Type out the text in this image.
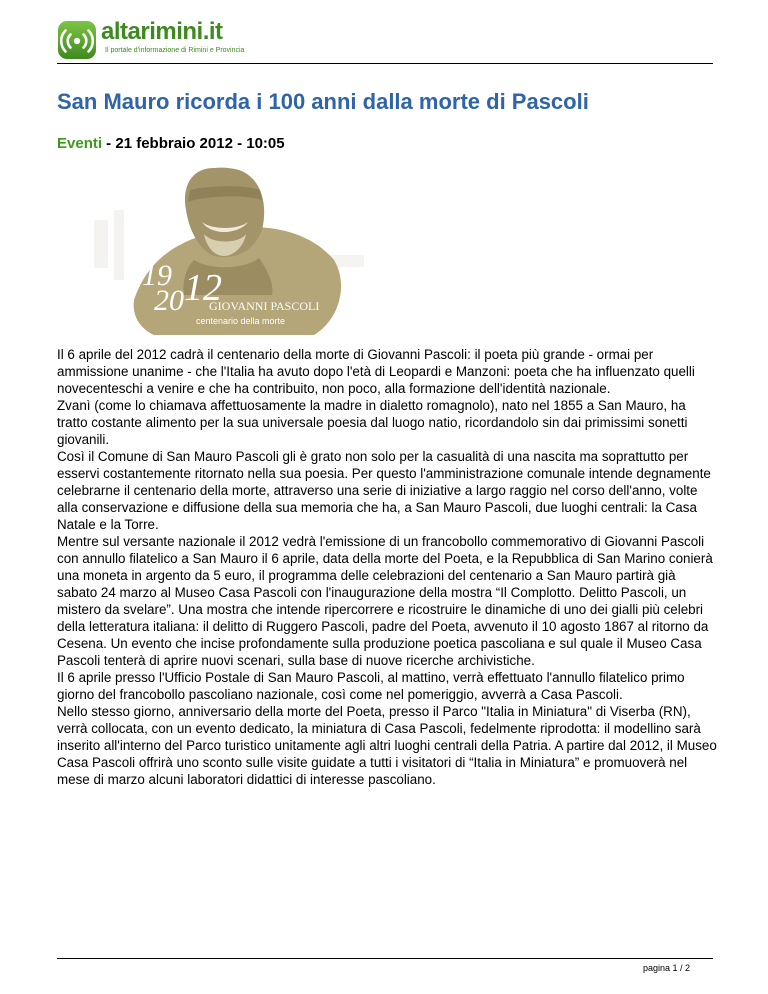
altarimini.it
Il portale d'informazione di Rimini e Provincia
San Mauro ricorda i 100 anni dalla morte di Pascoli
Eventi - 21 febbraio 2012 - 10:05
19
20 12
GIOVANNI PASCOLI
centenario della morte

Il 6 aprile del 2012 cadrà il centenario della morte di Giovanni Pascoli: il poeta più grande - ormai per ammissione unanime - che l'Italia ha avuto dopo l'età di Leopardi e Manzoni: poeta che ha influenzato quelli novecenteschi a venire e che ha contribuito, non poco, alla formazione dell'identità nazionale.

Zvanì (come lo chiamava affettuosamente la madre in dialetto romagnolo), nato nel 1855 a San Mauro, ha tratto costante alimento per la sua universale poesia dal luogo natio, ricordandolo sin dai primissimi sonetti giovanili.

Così il Comune di San Mauro Pascoli gli è grato non solo per la casualità di una nascita ma soprattutto per esservi costantemente ritornato nella sua poesia. Per questo l'amministrazione comunale intende degnamente celebrarne il centenario della morte, attraverso una serie di iniziative a largo raggio nel corso dell'anno, volte alla conservazione e diffusione della sua memoria che ha, a San Mauro Pascoli, due luoghi centrali: la Casa Natale e la Torre.

Mentre sul versante nazionale il 2012 vedrà l'emissione di un francobollo commemorativo di Giovanni Pascoli con annullo filatelico a San Mauro il 6 aprile, data della morte del Poeta, e la Repubblica di San Marino conierà una moneta in argento da 5 euro, il programma delle celebrazioni del centenario a San Mauro partirà già sabato 24 marzo al Museo Casa Pascoli con l'inaugurazione della mostra “Il Complotto. Delitto Pascoli, un mistero da svelare”. Una mostra che intende ripercorrere e ricostruire le dinamiche di uno dei gialli più celebri della letteratura italiana: il delitto di Ruggero Pascoli, padre del Poeta, avvenuto il 10 agosto 1867 al ritorno da Cesena. Un evento che incise profondamente sulla produzione poetica pascoliana e sul quale il Museo Casa Pascoli tenterà di aprire nuovi scenari, sulla base di nuove ricerche archivistiche.

Il 6 aprile presso l'Ufficio Postale di San Mauro Pascoli, al mattino, verrà effettuato l'annullo filatelico primo giorno del francobollo pascoliano nazionale, così come nel pomeriggio, avverrà a Casa Pascoli.

Nello stesso giorno, anniversario della morte del Poeta, presso il Parco "Italia in Miniatura" di Viserba (RN), verrà collocata, con un evento dedicato, la miniatura di Casa Pascoli, fedelmente riprodotta: il modellino sarà inserito all'interno del Parco turistico unitamente agli altri luoghi centrali della Patria. A partire dal 2012, il Museo Casa Pascoli offrirà uno sconto sulle visite guidate a tutti i visitatori di “Italia in Miniatura” e promuoverà nel mese di marzo alcuni laboratori didattici di interesse pascoliano.

pagina 1 / 2
